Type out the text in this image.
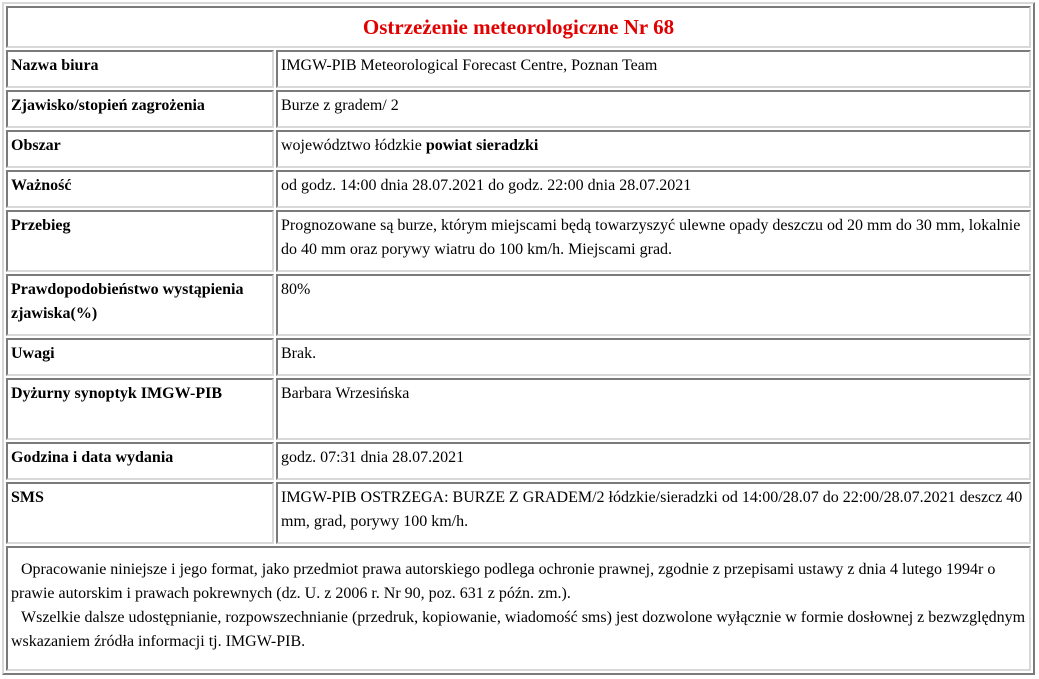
Ostrzeżenie meteorologiczne Nr 68	
Nazwa biura	IMGW-PIB Meteorological Forecast Centre, Poznan Team
Zjawisko/stopień zagrożenia	Burze z gradem/ 2
Obszar	województwo łódzkie powiat sieradzki
Ważność	od godz. 14:00 dnia 28.07.2021 do godz. 22:00 dnia 28.07.2021
Przebieg	Prognozowane są burze, którym miejscami będą towarzyszyć ulewne opady deszczu od 20 mm do 30 mm, lokalnie do 40 mm oraz porywy wiatru do 100 km/h. Miejscami grad.
Prawdopodobieństwo wystąpienia zjawiska(%)	80%
Uwagi	Brak.
Dyżurny synoptyk IMGW-PIB	Barbara Wrzesińska
Godzina i data wydania	godz. 07:31 dnia 28.07.2021
SMS	IMGW-PIB OSTRZEGA: BURZE Z GRADEM/2 łódzkie/sieradzki od 14:00/28.07 do 22:00/28.07.2021 deszcz 40 mm, grad, porywy 100 km/h.

Opracowanie niniejsze i jego format, jako przedmiot prawa autorskiego podlega ochronie prawnej, zgodnie z przepisami ustawy z dnia 4 lutego 1994r o prawie autorskim i prawach pokrewnych (dz. U. z 2006 r. Nr 90, poz. 631 z późn. zm.).

Wszelkie dalsze udostępnianie, rozpowszechnianie (przedruk, kopiowanie, wiadomość sms) jest dozwolone wyłącznie w formie dosłownej z bezwzględnym wskazaniem źródła informacji tj. IMGW-PIB.	
